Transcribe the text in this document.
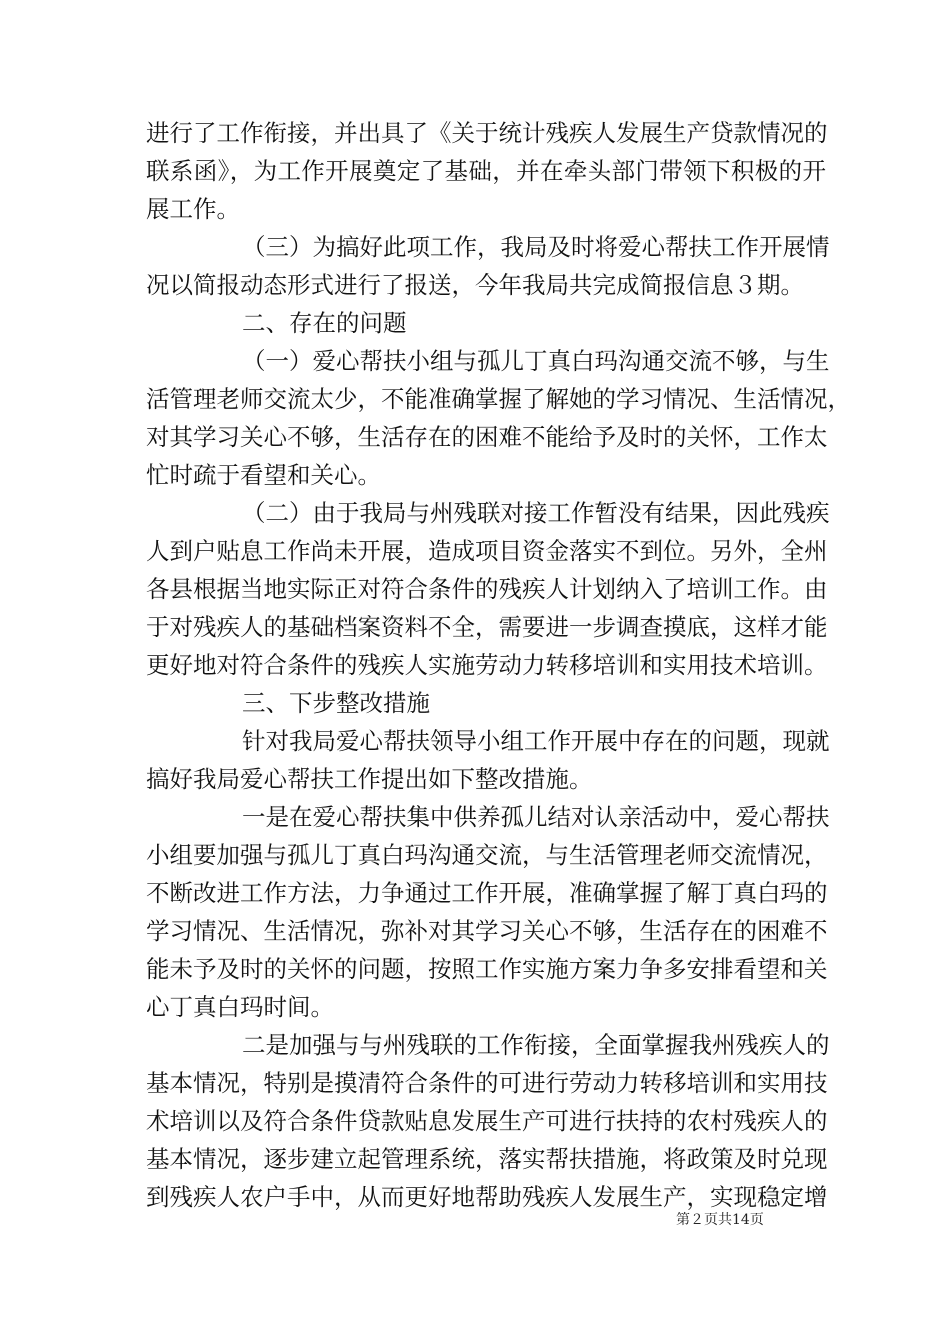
进行了工作衔接，并出具了《关于统计残疾人发展生产贷款情况的
联系函》，为工作开展奠定了基础，并在牵头部门带领下积极的开
展工作。
（三）为搞好此项工作，我局及时将爱心帮扶工作开展情
况以简报动态形式进行了报送，今年我局共完成简报信息３期。
二、存在的问题
（一）爱心帮扶小组与孤儿丁真白玛沟通交流不够，与生
活管理老师交流太少，不能准确掌握了解她的学习情况、生活情况，
对其学习关心不够，生活存在的困难不能给予及时的关怀，工作太
忙时疏于看望和关心。
（二）由于我局与州残联对接工作暂没有结果，因此残疾
人到户贴息工作尚未开展，造成项目资金落实不到位。另外，全州
各县根据当地实际正对符合条件的残疾人计划纳入了培训工作。由
于对残疾人的基础档案资料不全，需要进一步调查摸底，这样才能
更好地对符合条件的残疾人实施劳动力转移培训和实用技术培训。
三、下步整改措施
针对我局爱心帮扶领导小组工作开展中存在的问题，现就
搞好我局爱心帮扶工作提出如下整改措施。
一是在爱心帮扶集中供养孤儿结对认亲活动中，爱心帮扶
小组要加强与孤儿丁真白玛沟通交流，与生活管理老师交流情况，
不断改进工作方法，力争通过工作开展，准确掌握了解丁真白玛的
学习情况、生活情况，弥补对其学习关心不够，生活存在的困难不
能未予及时的关怀的问题，按照工作实施方案力争多安排看望和关
心丁真白玛时间。
二是加强与与州残联的工作衔接，全面掌握我州残疾人的
基本情况，特别是摸清符合条件的可进行劳动力转移培训和实用技
术培训以及符合条件贷款贴息发展生产可进行扶持的农村残疾人的
基本情况，逐步建立起管理系统，落实帮扶措施，将政策及时兑现
到残疾人农户手中，从而更好地帮助残疾人发展生产，实现稳定增
第２页共14页
